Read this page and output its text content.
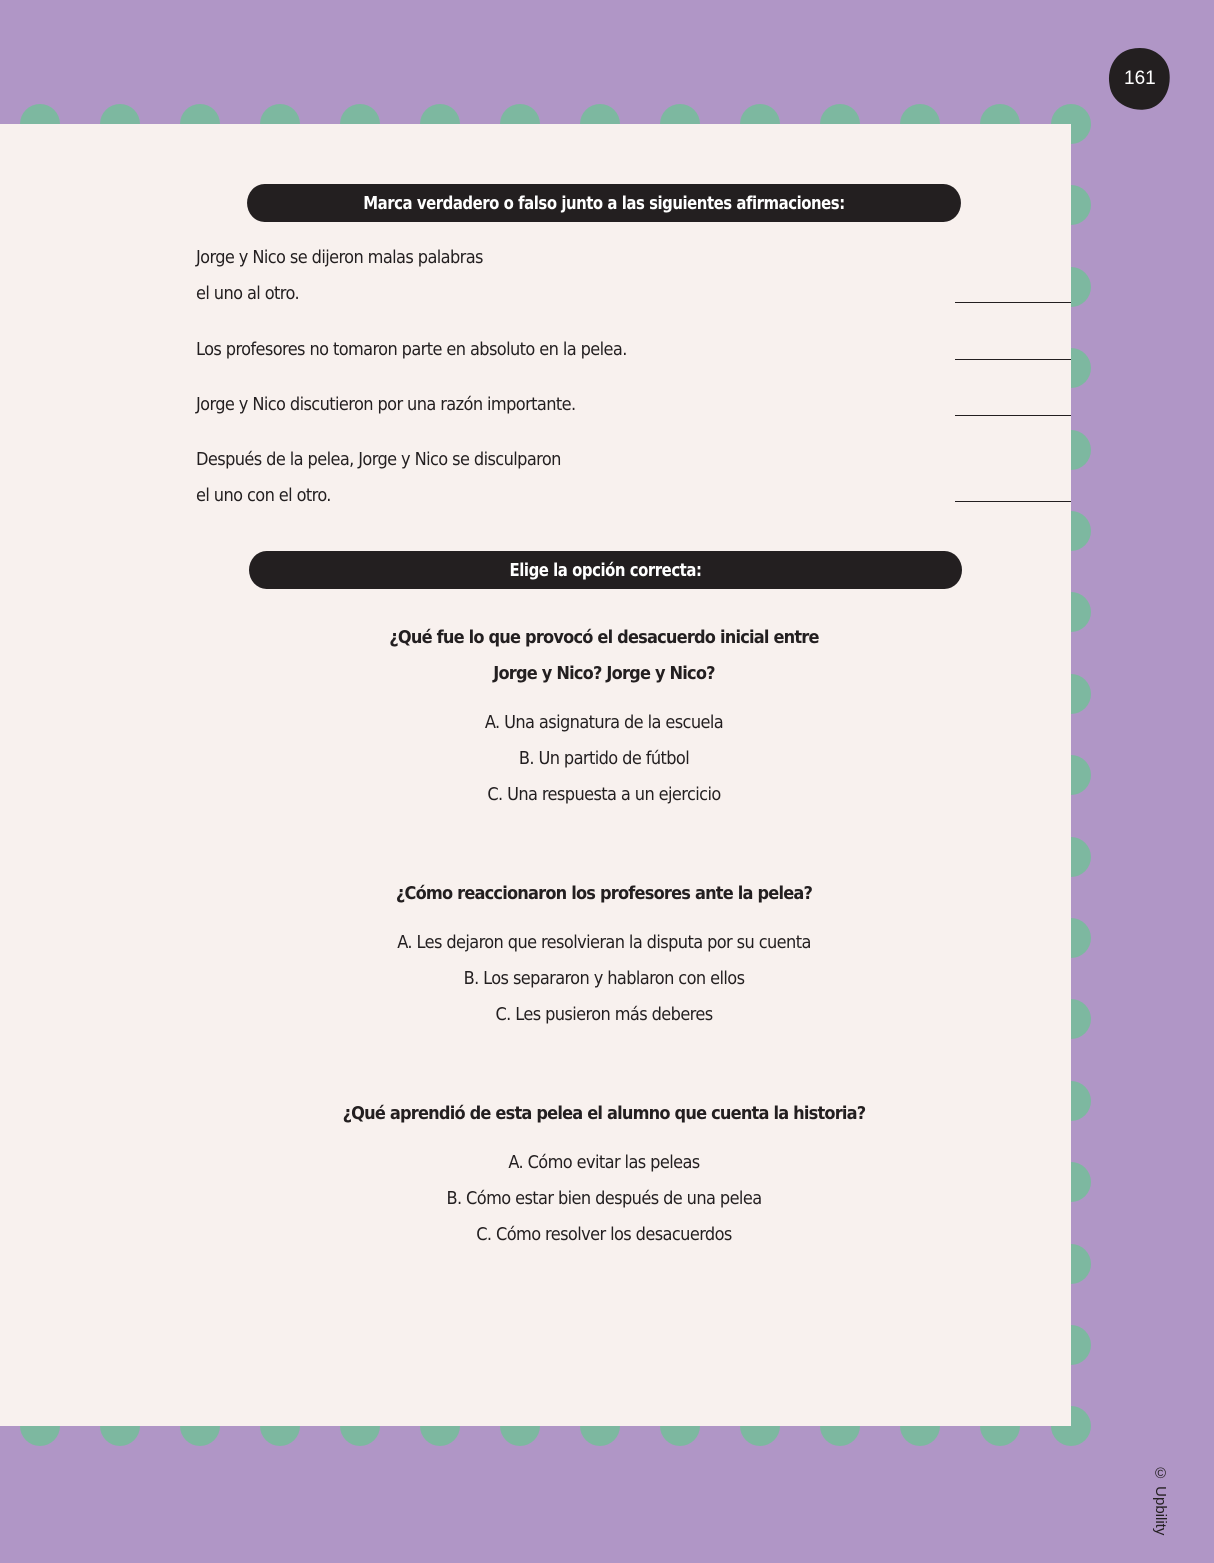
161
© Upbility
Marca verdadero o falso junto a las siguientes afirmaciones:
Jorge y Nico se dijeron malas palabras
el uno al otro.
Los profesores no tomaron parte en absoluto en la pelea.
Jorge y Nico discutieron por una razón importante.
Después de la pelea, Jorge y Nico se disculparon
el uno con el otro.
Elige la opción correcta:
¿Qué fue lo que provocó el desacuerdo inicial entre
Jorge y Nico? Jorge y Nico?
A. Una asignatura de la escuela
B. Un partido de fútbol
C. Una respuesta a un ejercicio
¿Cómo reaccionaron los profesores ante la pelea?
A. Les dejaron que resolvieran la disputa por su cuenta
B. Los separaron y hablaron con ellos
C. Les pusieron más deberes
¿Qué aprendió de esta pelea el alumno que cuenta la historia?
A. Cómo evitar las peleas
B. Cómo estar bien después de una pelea
C. Cómo resolver los desacuerdos
